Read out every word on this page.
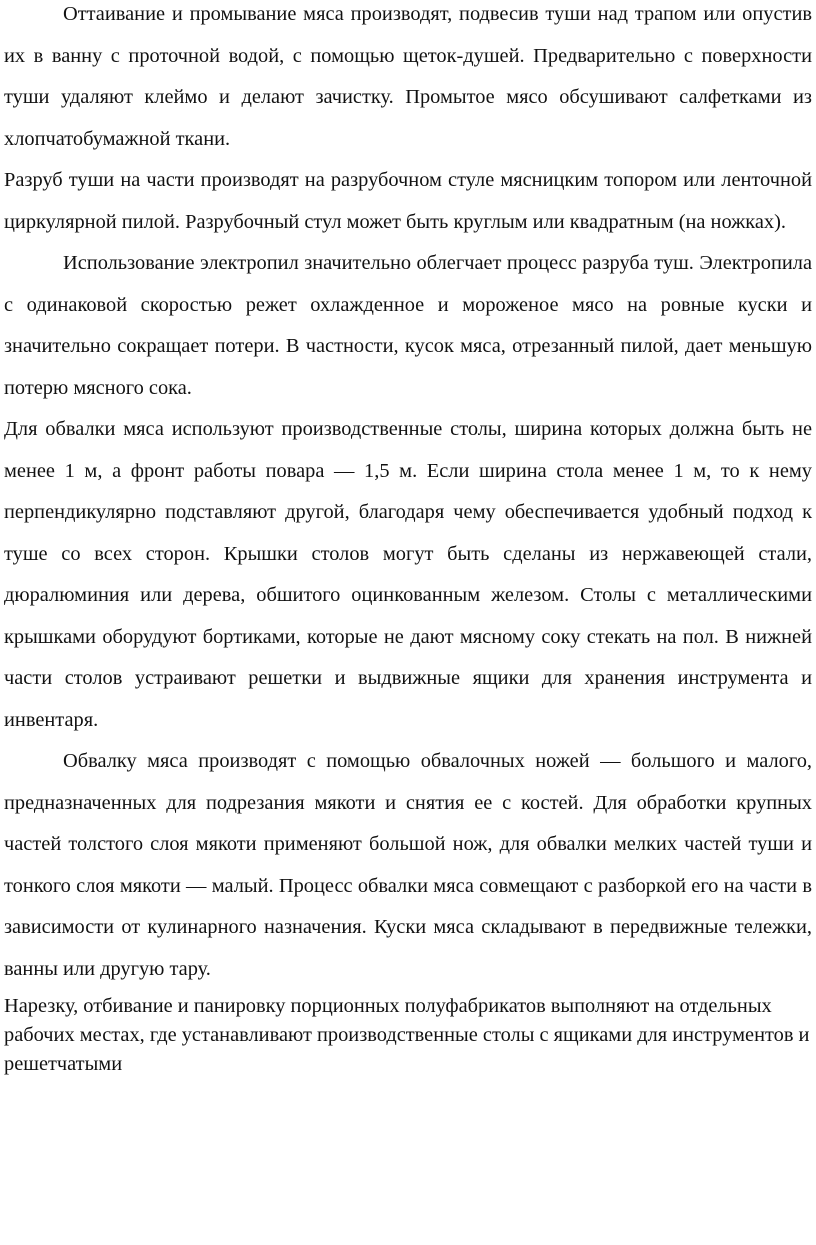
Оттаивание и промывание мяса производят, подвесив туши над трапом или опустив их в ванну с проточной водой, с помощью щеток-душей. Предварительно с поверхности туши удаляют клеймо и делают зачистку. Промытое мясо обсушивают салфетками из хлопчатобумажной ткани.

Разруб туши на части производят на разрубочном стуле мясницким топором или ленточной циркулярной пилой. Разрубочный стул может быть круглым или квадратным (на ножках).

Использование электропил значительно облегчает процесс разруба туш. Электропила с одинаковой скоростью режет охлажденное и мороженое мясо на ровные куски и значительно сокращает потери. В частности, кусок мяса, отрезанный пилой, дает меньшую потерю мясного сока.

Для обвалки мяса используют производственные столы, ширина которых должна быть не менее 1 м, а фронт работы повара — 1,5 м. Если ширина стола менее 1 м, то к нему перпендикулярно подставляют другой, благодаря чему обеспечивается удобный подход к туше со всех сторон. Крышки столов могут быть сделаны из нержавеющей стали, дюралюминия или дерева, обшитого оцинкованным железом. Столы с металлическими крышками оборудуют бортиками, которые не дают мясному соку стекать на пол. В нижней части столов устраивают решетки и выдвижные ящики для хранения инструмента и инвентаря.

Обвалку мяса производят с помощью обвалочных ножей — большого и малого, предназначенных для подрезания мякоти и снятия ее с костей. Для обработки крупных частей толстого слоя мякоти применяют большой нож, для обвалки мелких частей туши и тонкого слоя мякоти — малый. Процесс обвалки мяса совмещают с разборкой его на части в зависимости от кулинарного назначения. Куски мяса складывают в передвижные тележки, ванны или другую тару.

Нарезку, отбивание и панировку порционных полуфабрикатов выполняют на отдельных рабочих местах, где устанавливают производственные столы с ящиками для инструментов и решетчатыми
